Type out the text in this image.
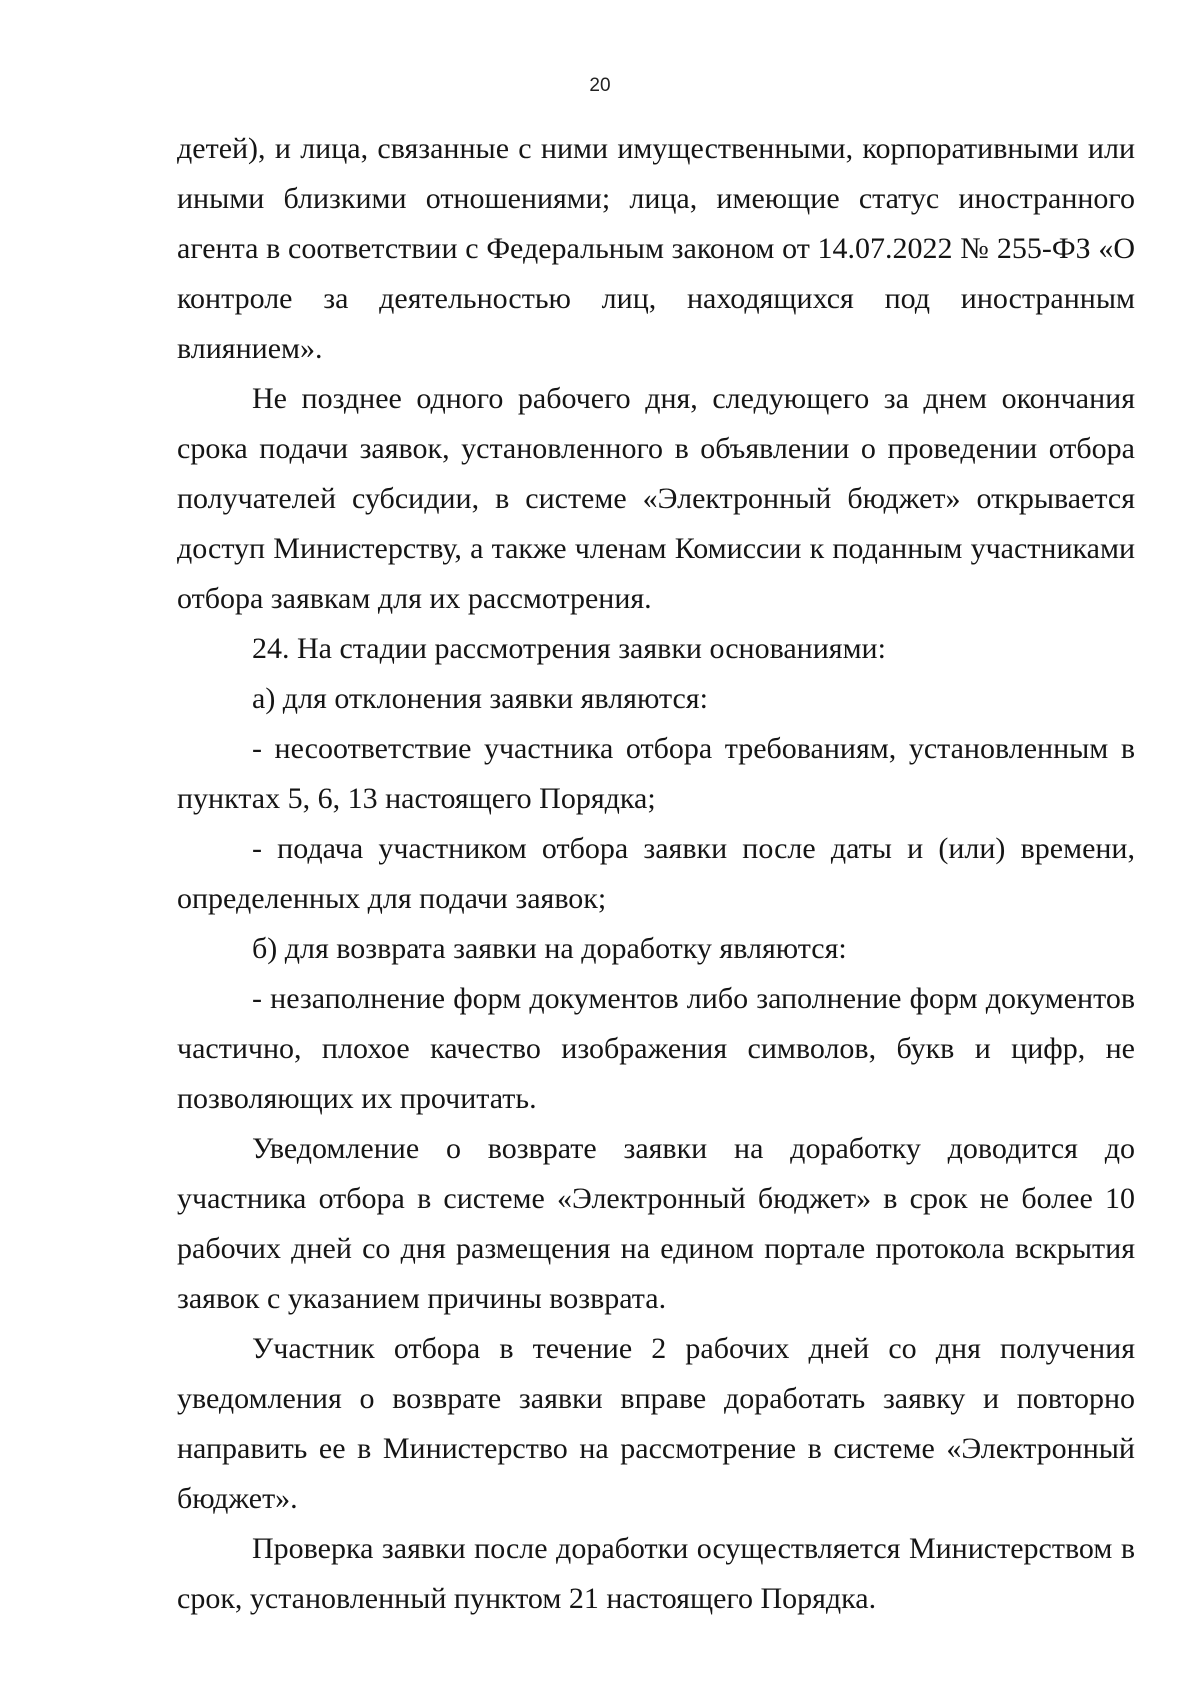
20

детей), и лица, связанные с ними имущественными, корпоративными или иными близкими отношениями; лица, имеющие статус иностранного агента в соответствии с Федеральным законом от 14.07.2022 № 255-ФЗ «О контроле за деятельностью лиц, находящихся под иностранным влиянием».

Не позднее одного рабочего дня, следующего за днем окончания срока подачи заявок, установленного в объявлении о проведении отбора получателей субсидии, в системе «Электронный бюджет» открывается доступ Министерству, а также членам Комиссии к поданным участниками отбора заявкам для их рассмотрения.

24. На стадии рассмотрения заявки основаниями:

а) для отклонения заявки являются:

- несоответствие участника отбора требованиям, установленным в пунктах 5, 6, 13 настоящего Порядка;

- подача участником отбора заявки после даты и (или) времени, определенных для подачи заявок;

б) для возврата заявки на доработку являются:

- незаполнение форм документов либо заполнение форм документов частично, плохое качество изображения символов, букв и цифр, не позволяющих их прочитать.

Уведомление о возврате заявки на доработку доводится до участника отбора в системе «Электронный бюджет» в срок не более 10 рабочих дней со дня размещения на едином портале протокола вскрытия заявок с указанием причины возврата.

Участник отбора в течение 2 рабочих дней со дня получения уведомления о возврате заявки вправе доработать заявку и повторно направить ее в Министерство на рассмотрение в системе «Электронный бюджет».

Проверка заявки после доработки осуществляется Министерством в срок, установленный пунктом 21 настоящего Порядка.
